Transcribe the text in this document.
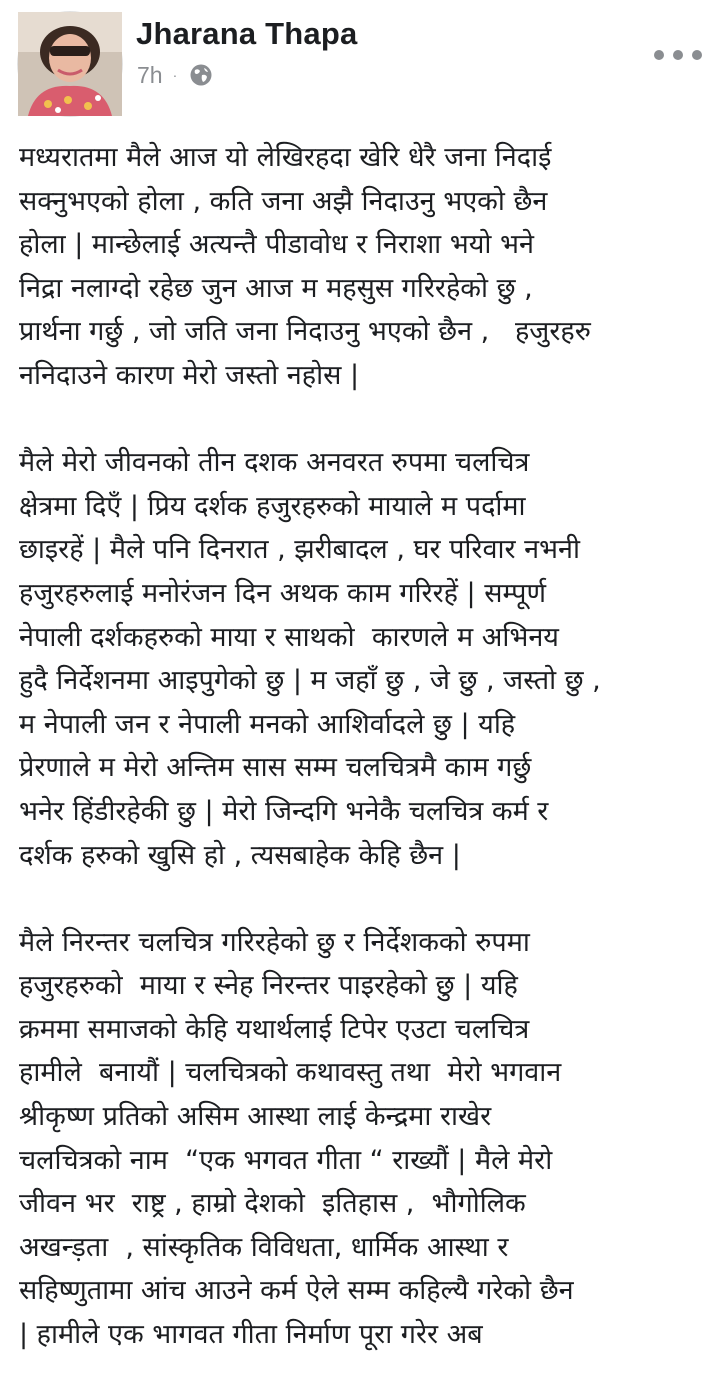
Jharana Thapa
7h ·
मध्यरातमा मैले आज यो लेखिरहदा खेरि धेरै जना निदाई
सक्नुभएको होला , कति जना अझै निदाउनु भएको छैन
होला | मान्छेलाई अत्यन्तै पीडावोध र निराशा भयो भने
निद्रा नलाग्दो रहेछ जुन आज म महसुस गरिरहेको छु ,
प्रार्थना गर्छु , जो जति जना निदाउनु भएको छैन ,   हजुरहरु
ननिदाउने कारण मेरो जस्तो नहोस |
मैले मेरो जीवनको तीन दशक अनवरत रुपमा चलचित्र
क्षेत्रमा दिएँ | प्रिय दर्शक हजुरहरुको मायाले म पर्दामा
छाइरहें | मैले पनि दिनरात , झरीबादल , घर परिवार नभनी
हजुरहरुलाई मनोरंजन दिन अथक काम गरिरहें | सम्पूर्ण
नेपाली दर्शकहरुको माया र साथको  कारणले म अभिनय
हुदै निर्देशनमा आइपुगेको छु | म जहाँ छु , जे छु , जस्तो छु ,
म नेपाली जन र नेपाली मनको आशिर्वादले छु | यहि
प्रेरणाले म मेरो अन्तिम सास सम्म चलचित्रमै काम गर्छु
भनेर हिंडीरहेकी छु | मेरो जिन्दगि भनेकै चलचित्र कर्म र
दर्शक हरुको खुसि हो , त्यसबाहेक केहि छैन |
मैले निरन्तर चलचित्र गरिरहेको छु र निर्देशकको रुपमा
हजुरहरुको  माया र स्नेह निरन्तर पाइरहेको छु | यहि
क्रममा समाजको केहि यथार्थलाई टिपेर एउटा चलचित्र
हामीले  बनायौं | चलचित्रको कथावस्तु तथा  मेरो भगवान
श्रीकृष्ण प्रतिको असिम आस्था लाई केन्द्रमा राखेर
चलचित्रको नाम  “एक भगवत गीता “ राख्यौं | मैले मेरो
जीवन भर  राष्ट्र , हाम्रो देशको  इतिहास ,  भौगोलिक
अखन्ड़ता  , सांस्कृतिक विविधता, धार्मिक आस्था र
सहिष्णुतामा आंच आउने कर्म ऐले सम्म कहिल्यै गरेको छैन
| हामीले एक भागवत गीता निर्माण पूरा गरेर अब
